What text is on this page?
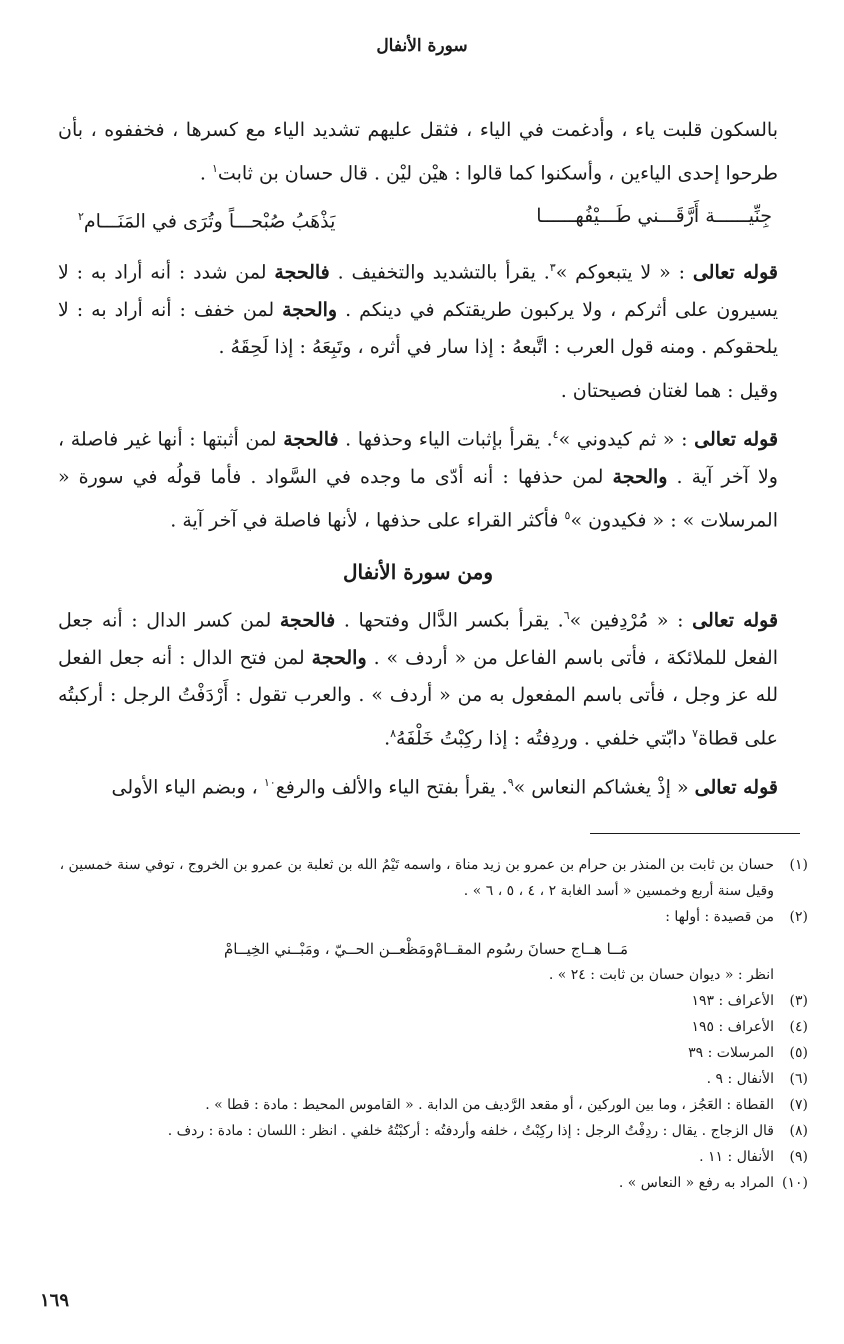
سورة الأنفال

بالسكون قلبت ياء ، وأدغمت في الياء ، فثقل عليهم تشديد الياء مع كسرها ، فخففوه ، بأن طرحوا إحدى الياءين ، وأسكنوا كما قالوا : هيْن ليْن . قال حسان بن ثابت$^١$ .

جِنِّيــــــة أَرَّقَـــني طَـــيْفُهــــــا
يَذْهَبُ صُبْحـــاً وتُرَى في المَنَـــام$^٢$

قوله تعالى : « لا يتبعوكم »$^٣$. يقرأ بالتشديد والتخفيف . فالحجة لمن شدد : أنه أراد به : لا يسيرون على أثركم ، ولا يركبون طريقتكم في دينكم . والحجة لمن خفف : أنه أراد به : لا يلحقوكم . ومنه قول العرب : اتَّبعهُ : إذا سار في أثره ، وتَبِعَهُ : إذا لَحِقَهُ .

وقيل : هما لغتان فصيحتان .

قوله تعالى : « ثم كيدوني »$^٤$. يقرأ بإثبات الياء وحذفها . فالحجة لمن أثبتها : أنها غير فاصلة ، ولا آخر آية . والحجة لمن حذفها : أنه أدّى ما وجده في السَّواد . فأما قولُه في سورة « المرسلات » : « فكيدون »$^٥$ فأكثر القراء على حذفها ، لأنها فاصلة في آخر آية .

ومن سورة الأنفال

قوله تعالى : « مُرْدِفين »$^٦$. يقرأ بكسر الدَّال وفتحها . فالحجة لمن كسر الدال : أنه جعل الفعل للملائكة ، فأتى باسم الفاعل من « أردف » . والحجة لمن فتح الدال : أنه جعل الفعل لله عز وجل ، فأتى باسم المفعول به من « أردف » . والعرب تقول : أَرْدَفْتُ الرجل : أركبتُه على قطاة$^٧$ دابّتي خلفي . وردِفتُه : إذا ركِبْتُ خَلْفَهُ$^٨$.

قوله تعالى « إذْ يغشاكم النعاس »$^٩$. يقرأ بفتح الياء والألف والرفع$^{١٠}$ ، وبضم الياء الأولى

(١)
حسان بن ثابت بن المنذر بن حرام بن عمرو بن زيد مناة ، واسمه تَيْمُ الله بن ثعلبة بن عمرو بن الخروج ، توفي سنة خمسين ، وقيل سنة أربع وخمسين « أسد الغابة ٢ ، ٤ ، ٥ ، ٦ » .
(٢)
من قصيدة : أولها :
مَــا هــاج حسانَ رسُوم المقــامْ
ومَظْعــن الحــيّ ، ومَبْــني الخِيــامْ
انظر : « ديوان حسان بن ثابت : ٢٤ » .
(٣)
الأعراف : ١٩٣
(٤)
الأعراف : ١٩٥
(٥)
المرسلات : ٣٩
(٦)
الأنفال : ٩ .
(٧)
القطاة : العَجُز ، وما بين الوركين ، أو مقعد الرَّديف من الدابة . « القاموس المحيط : مادة : قطا » .
(٨)
قال الزجاج . يقال : ردِفْتُ الرجل : إذا ركِبْتُ ، خلفه وأردفتُه : أركبْتُهُ خلفي . انظر : اللسان : مادة : ردف .
(٩)
الأنفال : ١١ .
(١٠)
المراد به رفع « النعاس » .
١٦٩
